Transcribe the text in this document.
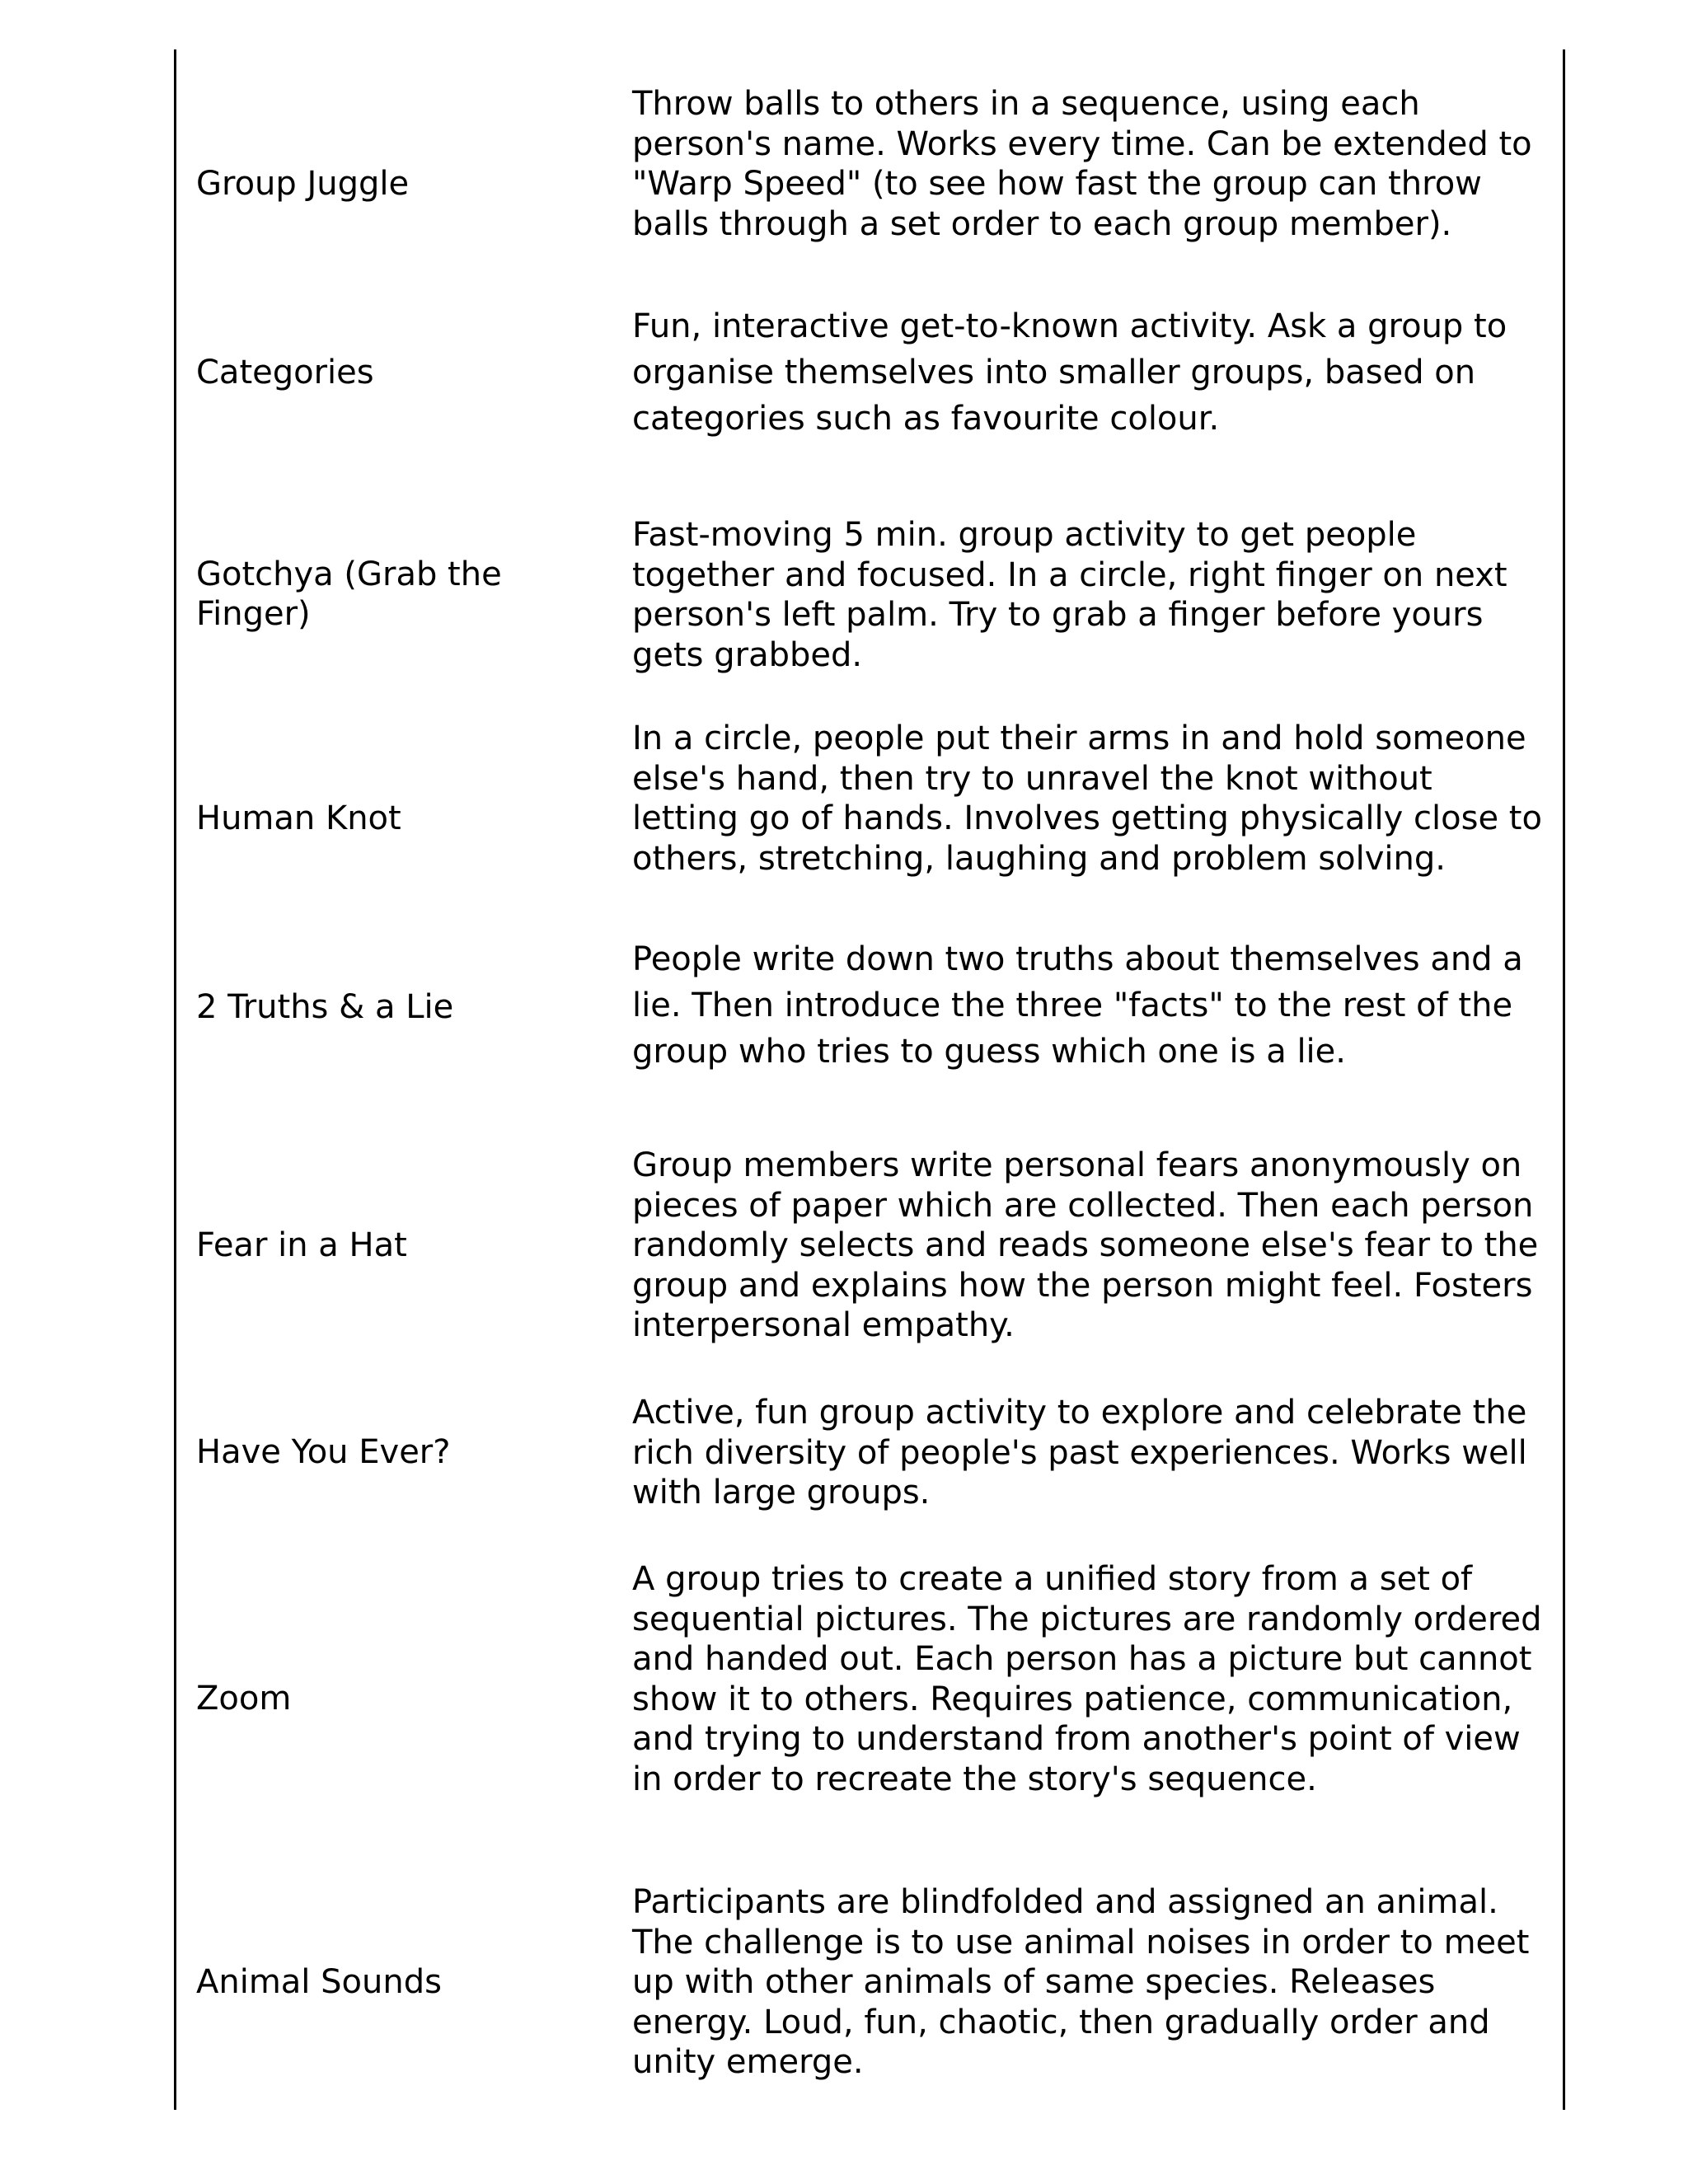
Group Juggle
Throw balls to others in a sequence, using each person's name. Works every time. Can be extended to "Warp Speed" (to see how fast the group can throw balls through a set order to each group member).
Categories
Fun, interactive get-to-known activity. Ask a group to organise themselves into smaller groups, based on categories such as favourite colour.
Gotchya (Grab the Finger)
Fast-moving 5 min. group activity to get people together and focused. In a circle, right finger on next person's left palm. Try to grab a finger before yours gets grabbed.
Human Knot
In a circle, people put their arms in and hold someone else's hand, then try to unravel the knot without letting go of hands. Involves getting physically close to others, stretching, laughing and problem solving.
2 Truths & a Lie
People write down two truths about themselves and a lie. Then introduce the three "facts" to the rest of the group who tries to guess which one is a lie.
Fear in a Hat
Group members write personal fears anonymously on pieces of paper which are collected. Then each person randomly selects and reads someone else's fear to the group and explains how the person might feel. Fosters interpersonal empathy.
Have You Ever?
Active, fun group activity to explore and celebrate the rich diversity of people's past experiences. Works well with large groups.
Zoom
A group tries to create a unified story from a set of sequential pictures. The pictures are randomly ordered and handed out. Each person has a picture but cannot show it to others. Requires patience, communication, and trying to understand from another's point of view in order to recreate the story's sequence.
Animal Sounds
Participants are blindfolded and assigned an animal. The challenge is to use animal noises in order to meet up with other animals of same species. Releases energy. Loud, fun, chaotic, then gradually order and unity emerge.
